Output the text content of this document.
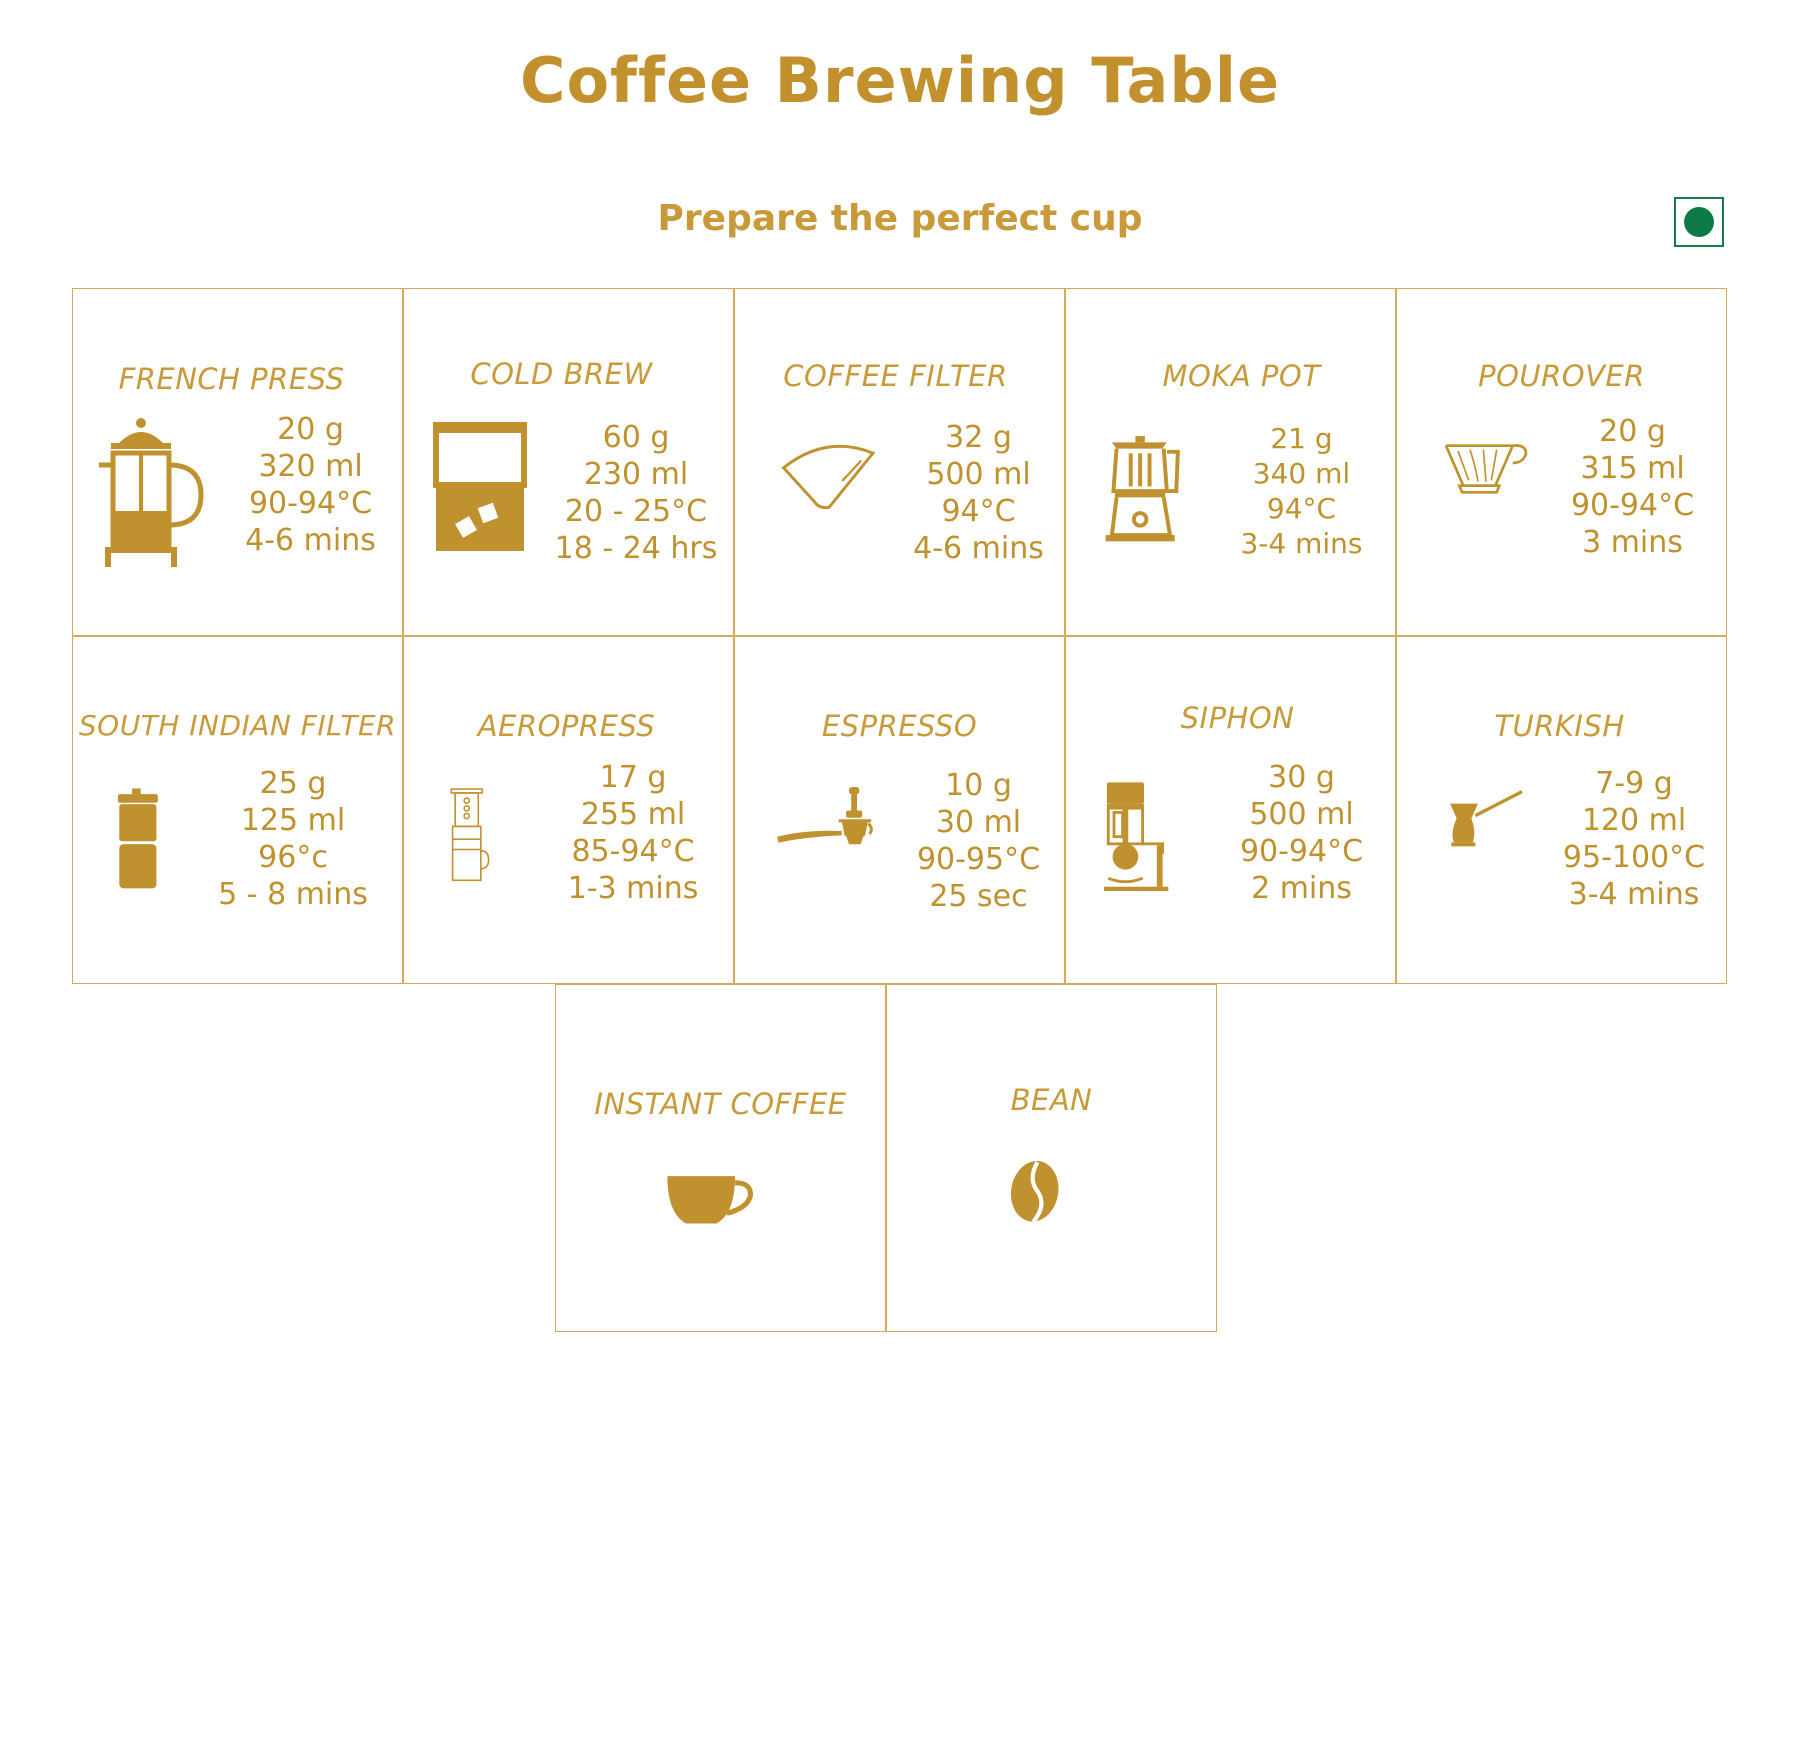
Coffee Brewing Table
Prepare the perfect cup
FRENCH PRESS
20 g
320 ml
90-94°C
4-6 mins
COLD BREW
60 g
230 ml
20 - 25°C
18 - 24 hrs
COFFEE FILTER
32 g
500 ml
94°C
4-6 mins
MOKA POT
21 g
340 ml
94°C
3-4 mins
POUROVER
20 g
315 ml
90-94°C
3 mins
SOUTH INDIAN FILTER
25 g
125 ml
96°c
5 - 8 mins
AEROPRESS
17 g
255 ml
85-94°C
1-3 mins
ESPRESSO
10 g
30 ml
90-95°C
25 sec
SIPHON
30 g
500 ml
90-94°C
2 mins
TURKISH
7-9 g
120 ml
95-100°C
3-4 mins
INSTANT COFFEE	BEAN
